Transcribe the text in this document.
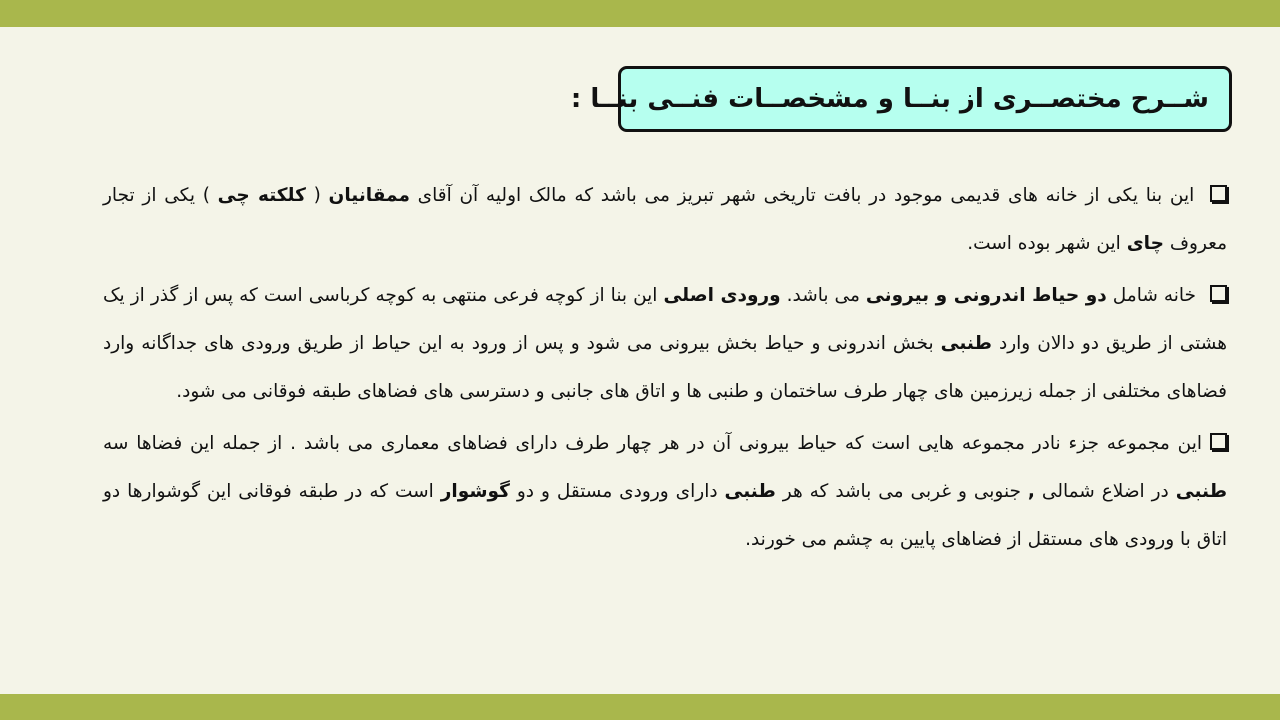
شــرح مختصــری از بنــا و مشخصــات فنــی بنــا :

این بنا یکی از خانه های قدیمی موجود در بافت تاریخی شهر تبریز می باشد که مالک اولیه آن آقای ممقانیان ( کلکته چی ) یکی از تجار معروف چای این شهر بوده است.

خانه شامل دو حیاط اندرونی و بیرونی می باشد. ورودی اصلی این بنا از کوچه فرعی منتهی به کوچه کرباسی است که پس از گذر از یک هشتی از طریق دو دالان وارد طنبی بخش اندرونی و حیاط بخش بیرونی می شود و پس از ورود به این حیاط از طریق ورودی های جداگانه وارد فضاهای مختلفی از جمله زیرزمین های چهار طرف ساختمان و طنبی ها و اتاق های جانبی و دسترسی های فضاهای طبقه فوقانی می شود.

این مجموعه جزء نادر مجموعه هایی است که حیاط بیرونی آن در هر چهار طرف دارای فضاهای معماری می باشد . از جمله این فضاها سه طنبی در اضلاع شمالی , جنوبی و غربی می باشد که هر طنبی دارای ورودی مستقل و دو گوشوار است که در طبقه فوقانی این گوشوارها دو اتاق با ورودی های مستقل از فضاهای پایین به چشم می خورند.
